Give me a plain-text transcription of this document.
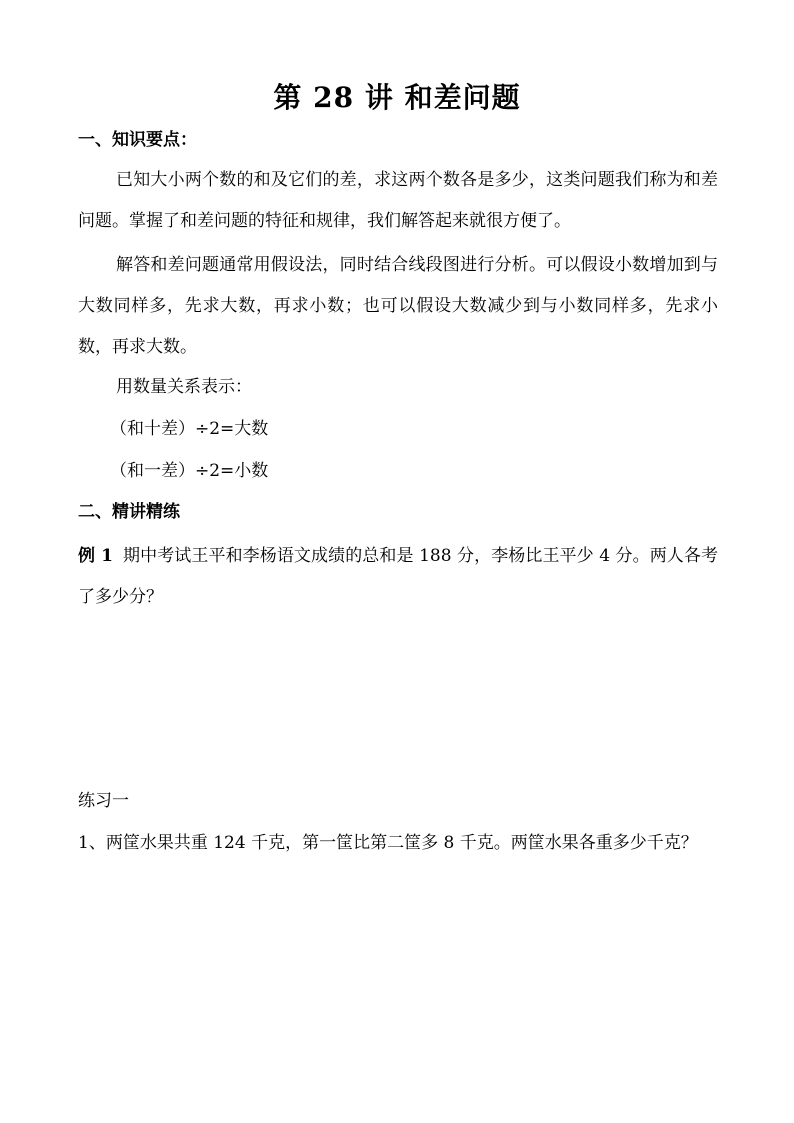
第 28 讲 和差问题
一、知识要点：

已知大小两个数的和及它们的差，求这两个数各是多少，这类问题我们称为和差问题。掌握了和差问题的特征和规律，我们解答起来就很方便了。

解答和差问题通常用假设法，同时结合线段图进行分析。可以假设小数增加到与大数同样多，先求大数，再求小数；也可以假设大数减少到与小数同样多，先求小数，再求大数。

用数量关系表示：
（和十差）÷2=大数
（和一差）÷2=小数
二、精讲精练
例 1 期中考试王平和李杨语文成绩的总和是 188 分，李杨比王平少 4 分。两人各考了多少分？
练习一
1、两筐水果共重 124 千克，第一筐比第二筐多 8 千克。两筐水果各重多少千克？
